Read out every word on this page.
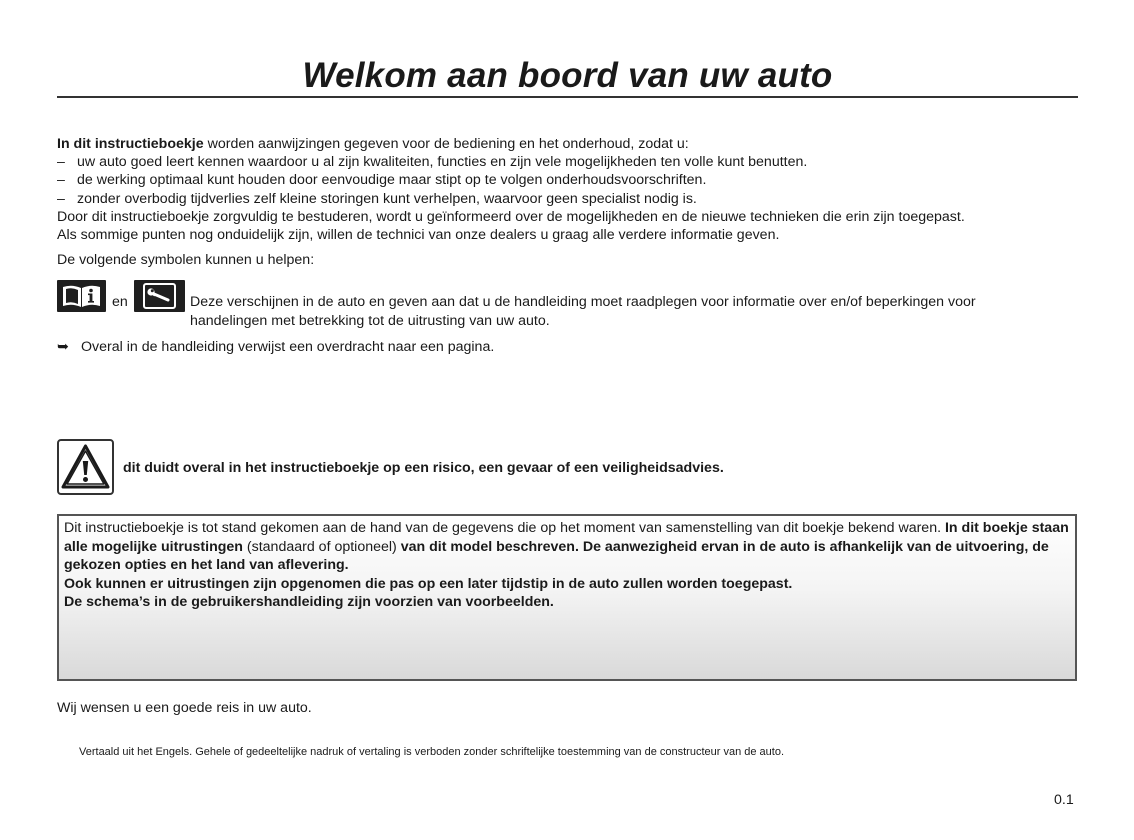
Welkom aan boord van uw auto

In dit instructieboekje worden aanwijzingen gegeven voor de bediening en het onderhoud, zodat u:

– uw auto goed leert kennen waardoor u al zijn kwaliteiten, functies en zijn vele mogelijkheden ten volle kunt benutten.

– de werking optimaal kunt houden door eenvoudige maar stipt op te volgen onderhoudsvoorschriften.

– zonder overbodig tijdverlies zelf kleine storingen kunt verhelpen, waarvoor geen specialist nodig is.

Door dit instructieboekje zorgvuldig te bestuderen, wordt u geïnformeerd over de mogelijkheden en de nieuwe technieken die erin zijn toegepast.

Als sommige punten nog onduidelijk zijn, willen de technici van onze dealers u graag alle verdere informatie geven.

De volgende symbolen kunnen u helpen:
en	Deze verschijnen in de auto en geven aan dat u de handleiding moet raadplegen voor informatie over en/of beperkingen voor
handelingen met betrekking tot de uitrusting van uw auto.
➥ Overal in de handleiding verwijst een overdracht naar een pagina.
dit duidt overal in het instructieboekje op een risico, een gevaar of een veiligheidsadvies.

Dit instructieboekje is tot stand gekomen aan de hand van de gegevens die op het moment van samenstelling van dit boekje bekend waren. In dit boekje staan alle mogelijke uitrustingen (standaard of optioneel) van dit model beschreven. De aanwezigheid ervan in de auto is afhankelijk van de uitvoering, de gekozen opties en het land van aflevering.

Ook kunnen er uitrustingen zijn opgenomen die pas op een later tijdstip in de auto zullen worden toegepast.

De schema’s in de gebruikershandleiding zijn voorzien van voorbeelden.

Wij wensen u een goede reis in uw auto.
Vertaald uit het Engels. Gehele of gedeeltelijke nadruk of vertaling is verboden zonder schriftelijke toestemming van de constructeur van de auto.
0.1
